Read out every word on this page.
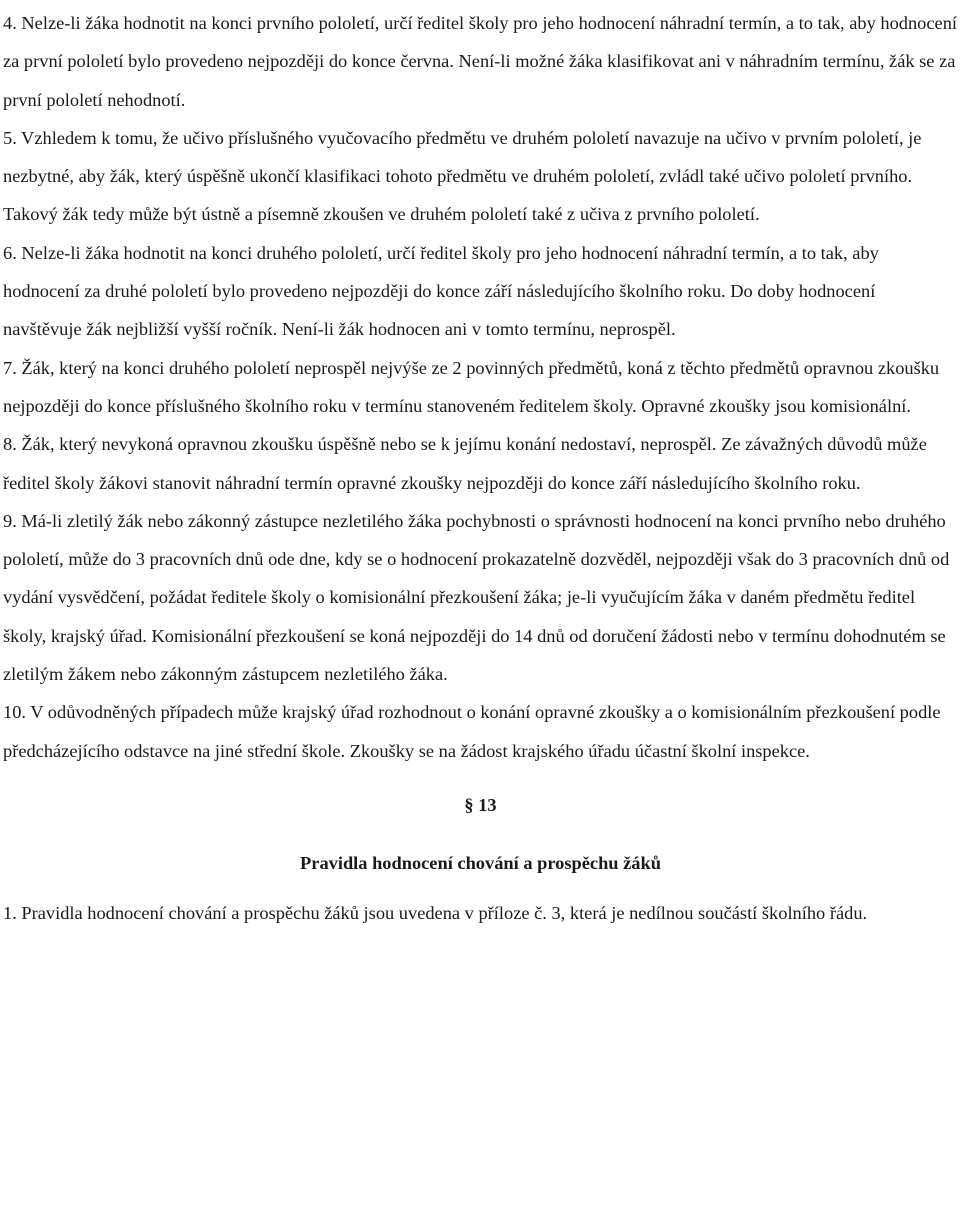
4. Nelze-li žáka hodnotit na konci prvního pololetí, určí ředitel školy pro jeho hodnocení náhradní termín, a to tak, aby hodnocení za první pololetí bylo provedeno nejpozději do konce června. Není-li možné žáka klasifikovat ani v náhradním termínu, žák se za první pololetí nehodnotí.

5. Vzhledem k tomu, že učivo příslušného vyučovacího předmětu ve druhém pololetí navazuje na učivo v prvním pololetí, je nezbytné, aby žák, který úspěšně ukončí klasifikaci tohoto předmětu ve druhém pololetí, zvládl také učivo pololetí prvního. Takový žák tedy může být ústně a písemně zkoušen ve druhém pololetí také z učiva z prvního pololetí.

6. Nelze-li žáka hodnotit na konci druhého pololetí, určí ředitel školy pro jeho hodnocení náhradní termín, a to tak, aby hodnocení za druhé pololetí bylo provedeno nejpozději do konce září následujícího školního roku. Do doby hodnocení navštěvuje žák nejbližší vyšší ročník. Není-li žák hodnocen ani v tomto termínu, neprospěl.

7. Žák, který na konci druhého pololetí neprospěl nejvýše ze 2 povinných předmětů, koná z těchto předmětů opravnou zkoušku nejpozději do konce příslušného školního roku v termínu stanoveném ředitelem školy. Opravné zkoušky jsou komisionální.

8. Žák, který nevykoná opravnou zkoušku úspěšně nebo se k jejímu konání nedostaví, neprospěl. Ze závažných důvodů může ředitel školy žákovi stanovit náhradní termín opravné zkoušky nejpozději do konce září následujícího školního roku.

9. Má-li zletilý žák nebo zákonný zástupce nezletilého žáka pochybnosti o správnosti hodnocení na konci prvního nebo druhého pololetí, může do 3 pracovních dnů ode dne, kdy se o hodnocení prokazatelně dozvěděl, nejpozději však do 3 pracovních dnů od vydání vysvědčení, požádat ředitele školy o komisionální přezkoušení žáka; je-li vyučujícím žáka v daném předmětu ředitel školy, krajský úřad. Komisionální přezkoušení se koná nejpozději do 14 dnů od doručení žádosti nebo v termínu dohodnutém se zletilým žákem nebo zákonným zástupcem nezletilého žáka.

10. V odůvodněných případech může krajský úřad rozhodnout o konání opravné zkoušky a o komisionálním přezkoušení podle předcházejícího odstavce na jiné střední škole. Zkoušky se na žádost krajského úřadu účastní školní inspekce.

§ 13
Pravidla hodnocení chování a prospěchu žáků

1. Pravidla hodnocení chování a prospěchu žáků jsou uvedena v příloze č. 3, která je nedílnou součástí školního řádu.
